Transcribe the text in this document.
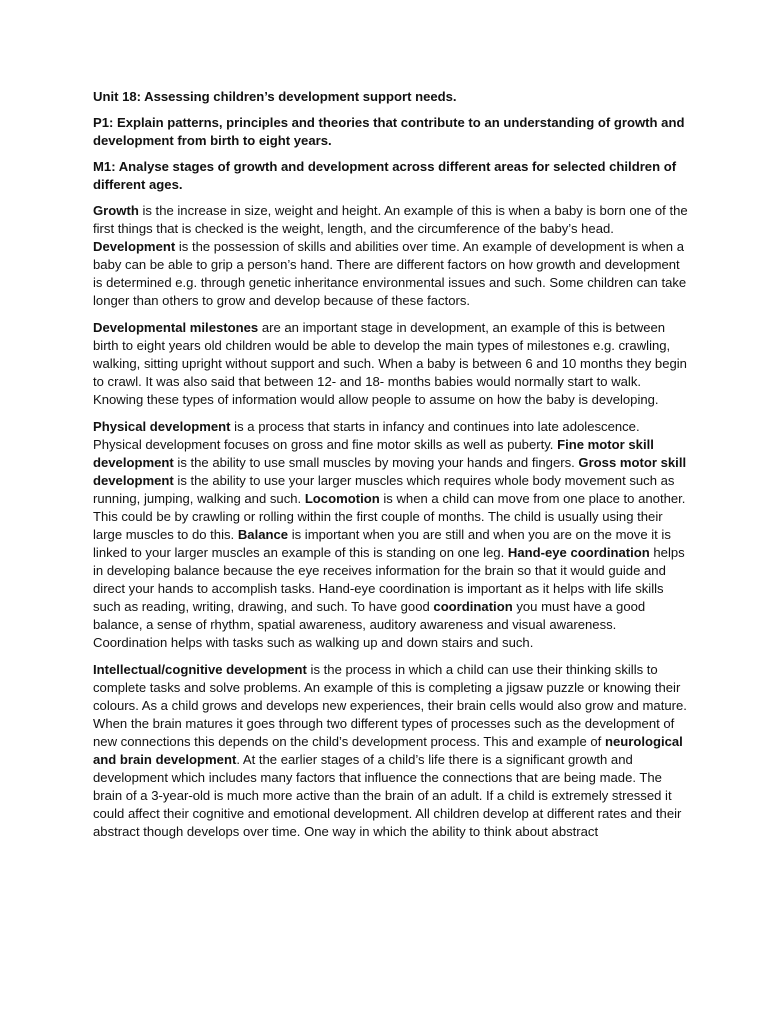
Unit 18: Assessing children’s development support needs.

P1: Explain patterns, principles and theories that contribute to an understanding of growth and development from birth to eight years.

M1: Analyse stages of growth and development across different areas for selected children of different ages.

Growth is the increase in size, weight and height. An example of this is when a baby is born one of the first things that is checked is the weight, length, and the circumference of the baby’s head. Development is the possession of skills and abilities over time. An example of development is when a baby can be able to grip a person’s hand. There are different factors on how growth and development is determined e.g. through genetic inheritance environmental issues and such. Some children can take longer than others to grow and develop because of these factors.

Developmental milestones are an important stage in development, an example of this is between birth to eight years old children would be able to develop the main types of milestones e.g. crawling, walking, sitting upright without support and such. When a baby is between 6 and 10 months they begin to crawl. It was also said that between 12- and 18- months babies would normally start to walk. Knowing these types of information would allow people to assume on how the baby is developing.

Physical development is a process that starts in infancy and continues into late adolescence. Physical development focuses on gross and fine motor skills as well as puberty. Fine motor skill development is the ability to use small muscles by moving your hands and fingers. Gross motor skill development is the ability to use your larger muscles which requires whole body movement such as running, jumping, walking and such. Locomotion is when a child can move from one place to another. This could be by crawling or rolling within the first couple of months. The child is usually using their large muscles to do this. Balance is important when you are still and when you are on the move it is linked to your larger muscles an example of this is standing on one leg. Hand-eye coordination helps in developing balance because the eye receives information for the brain so that it would guide and direct your hands to accomplish tasks. Hand-eye coordination is important as it helps with life skills such as reading, writing, drawing, and such. To have good coordination you must have a good balance, a sense of rhythm, spatial awareness, auditory awareness and visual awareness. Coordination helps with tasks such as walking up and down stairs and such.

Intellectual/cognitive development is the process in which a child can use their thinking skills to complete tasks and solve problems. An example of this is completing a jigsaw puzzle or knowing their colours. As a child grows and develops new experiences, their brain cells would also grow and mature. When the brain matures it goes through two different types of processes such as the development of new connections this depends on the child’s development process. This and example of neurological and brain development. At the earlier stages of a child’s life there is a significant growth and development which includes many factors that influence the connections that are being made. The brain of a 3-year-old is much more active than the brain of an adult. If a child is extremely stressed it could affect their cognitive and emotional development. All children develop at different rates and their abstract though develops over time. One way in which the ability to think about abstract
